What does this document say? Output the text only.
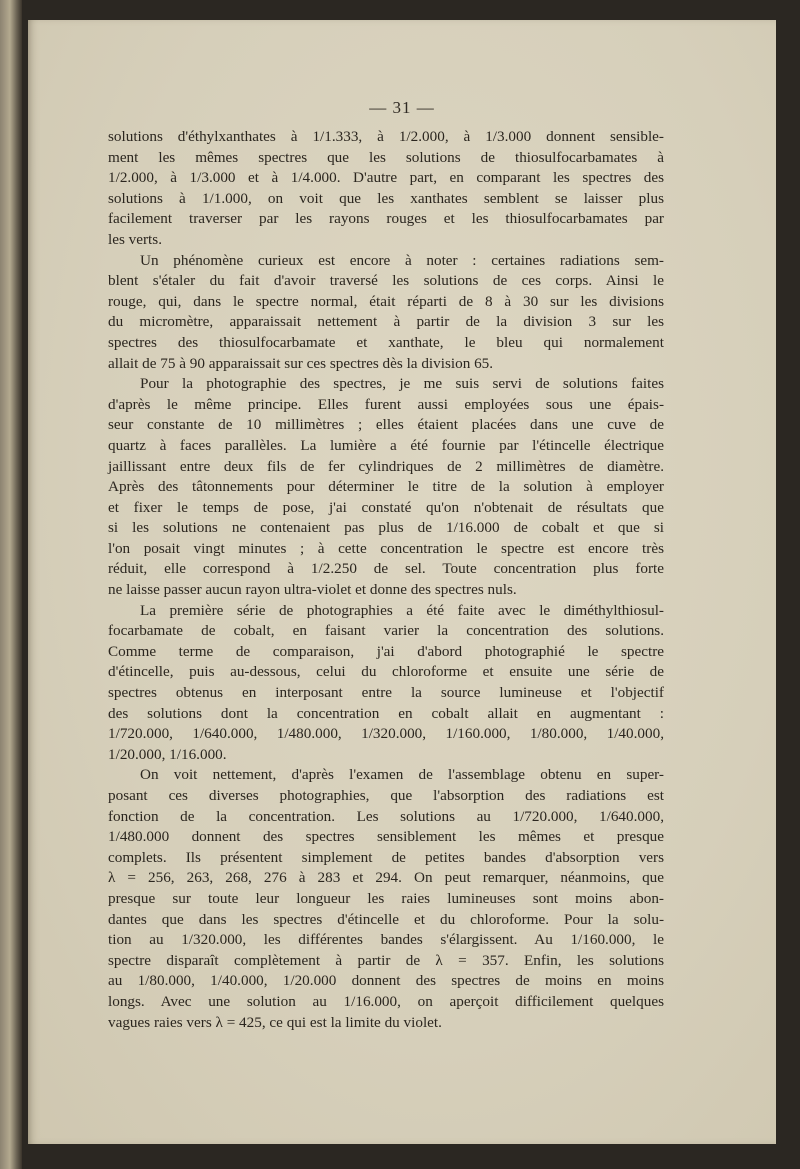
— 31 —
solutions d'éthylxanthates à 1/1.333, à 1/2.000, à 1/3.000 donnent sensible-
ment les mêmes spectres que les solutions de thiosulfocarbamates à
1/2.000, à 1/3.000 et à 1/4.000. D'autre part, en comparant les spectres des
solutions à 1/1.000, on voit que les xanthates semblent se laisser plus
facilement traverser par les rayons rouges et les thiosulfocarbamates par
les verts.
Un phénomène curieux est encore à noter : certaines radiations sem-
blent s'étaler du fait d'avoir traversé les solutions de ces corps. Ainsi le
rouge, qui, dans le spectre normal, était réparti de 8 à 30 sur les divisions
du micromètre, apparaissait nettement à partir de la division 3 sur les
spectres des thiosulfocarbamate et xanthate, le bleu qui normalement
allait de 75 à 90 apparaissait sur ces spectres dès la division 65.
Pour la photographie des spectres, je me suis servi de solutions faites
d'après le même principe. Elles furent aussi employées sous une épais-
seur constante de 10 millimètres ; elles étaient placées dans une cuve de
quartz à faces parallèles. La lumière a été fournie par l'étincelle électrique
jaillissant entre deux fils de fer cylindriques de 2 millimètres de diamètre.
Après des tâtonnements pour déterminer le titre de la solution à employer
et fixer le temps de pose, j'ai constaté qu'on n'obtenait de résultats que
si les solutions ne contenaient pas plus de 1/16.000 de cobalt et que si
l'on posait vingt minutes ; à cette concentration le spectre est encore très
réduit, elle correspond à 1/2.250 de sel. Toute concentration plus forte
ne laisse passer aucun rayon ultra-violet et donne des spectres nuls.
La première série de photographies a été faite avec le diméthylthiosul-
focarbamate de cobalt, en faisant varier la concentration des solutions.
Comme terme de comparaison, j'ai d'abord photographié le spectre
d'étincelle, puis au-dessous, celui du chloroforme et ensuite une série de
spectres obtenus en interposant entre la source lumineuse et l'objectif
des solutions dont la concentration en cobalt allait en augmentant :
1/720.000, 1/640.000, 1/480.000, 1/320.000, 1/160.000, 1/80.000, 1/40.000,
1/20.000, 1/16.000.
On voit nettement, d'après l'examen de l'assemblage obtenu en super-
posant ces diverses photographies, que l'absorption des radiations est
fonction de la concentration. Les solutions au 1/720.000, 1/640.000,
1/480.000 donnent des spectres sensiblement les mêmes et presque
complets. Ils présentent simplement de petites bandes d'absorption vers
λ = 256, 263, 268, 276 à 283 et 294. On peut remarquer, néanmoins, que
presque sur toute leur longueur les raies lumineuses sont moins abon-
dantes que dans les spectres d'étincelle et du chloroforme. Pour la solu-
tion au 1/320.000, les différentes bandes s'élargissent. Au 1/160.000, le
spectre disparaît complètement à partir de λ = 357. Enfin, les solutions
au 1/80.000, 1/40.000, 1/20.000 donnent des spectres de moins en moins
longs. Avec une solution au 1/16.000, on aperçoit difficilement quelques
vagues raies vers λ = 425, ce qui est la limite du violet.
